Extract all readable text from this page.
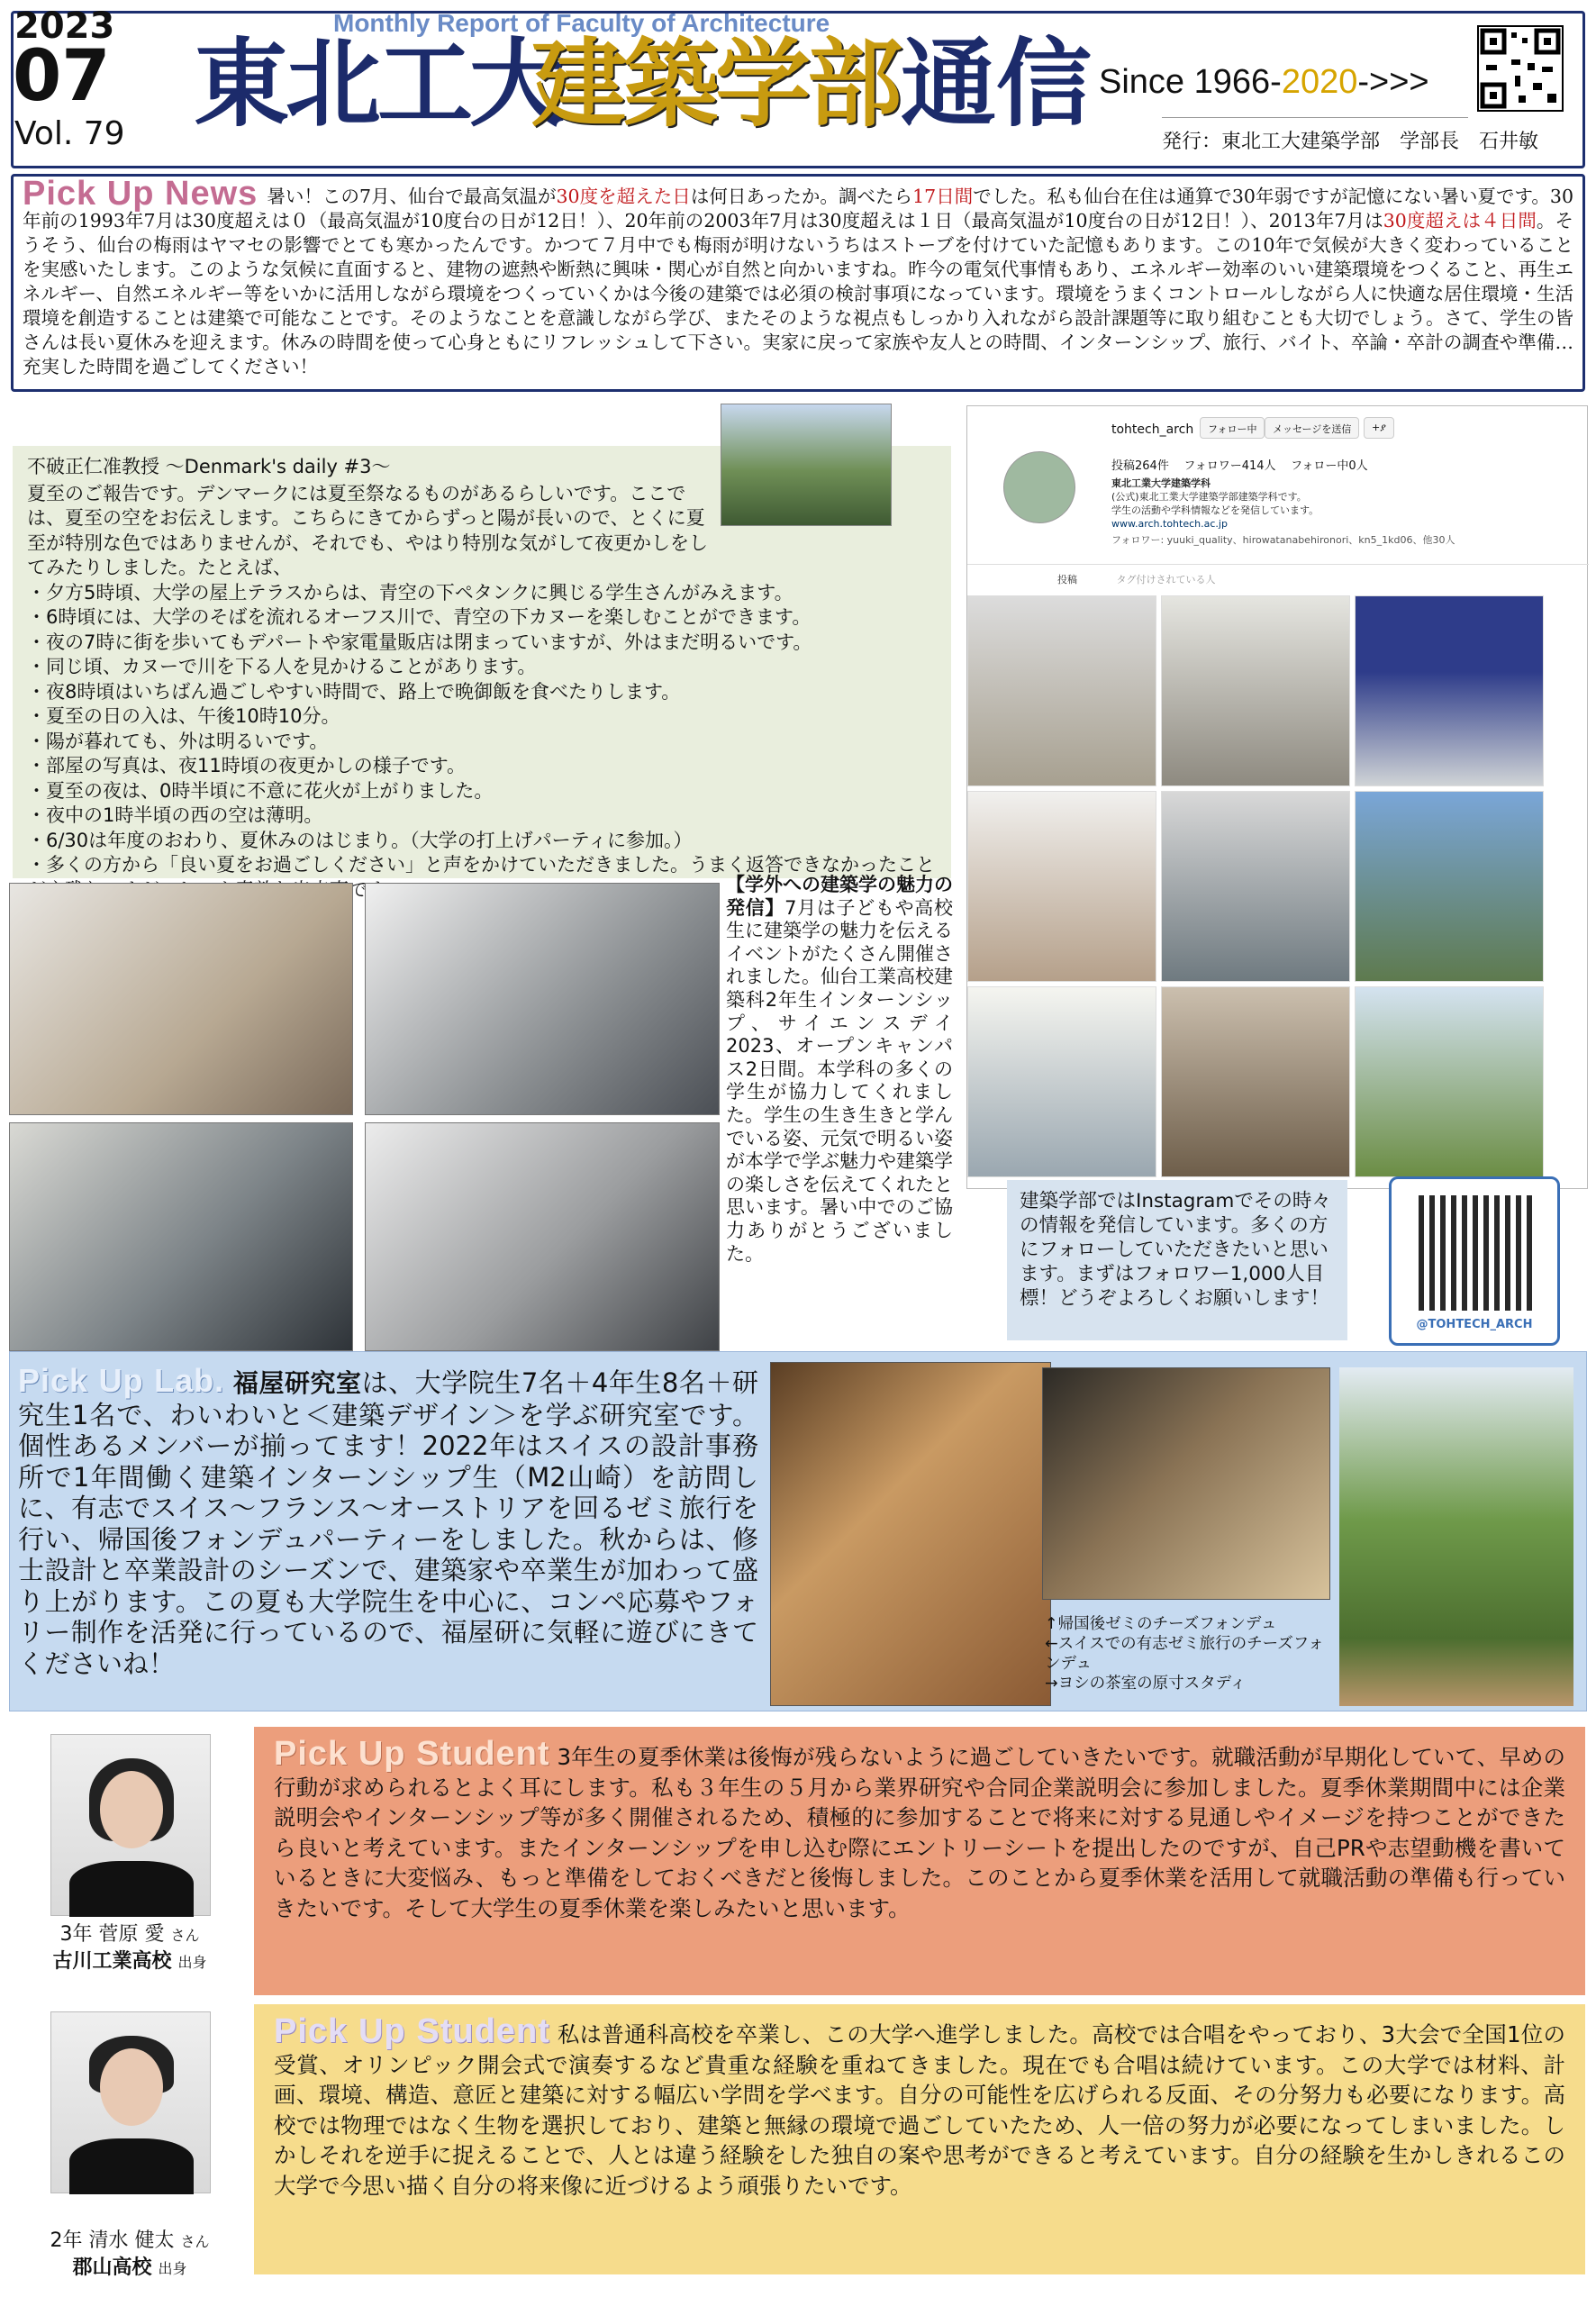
2023
07
Vol. 79
Monthly Report of Faculty of Architecture
東北工大
建築学部 通信 Since 1966-2020->>>
発行：東北工大建築学部　学部長　石井敏
Pick Up News 暑い！この7月、仙台で最高気温が30度を超えた日は何日あったか。調べたら17日間でした。私も仙台在住は通算で30年弱ですが記憶にない暑い夏です。30年前の1993年7月は30度超えは０（最高気温が10度台の日が12日！）、20年前の2003年7月は30度超えは１日（最高気温が10度台の日が12日！）、2013年7月は30度超えは４日間。そうそう、仙台の梅雨はヤマセの影響でとても寒かったんです。かつて７月中でも梅雨が明けないうちはストーブを付けていた記憶もあります。この10年で気候が大きく変わっていることを実感いたします。このような気候に直面すると、建物の遮熱や断熱に興味・関心が自然と向かいますね。昨今の電気代事情もあり、エネルギー効率のいい建築環境をつくること、再生エネルギー、自然エネルギー等をいかに活用しながら環境をつくっていくかは今後の建築では必須の検討事項になっています。環境をうまくコントロールしながら人に快適な居住環境・生活環境を創造することは建築で可能なことです。そのようなことを意識しながら学び、またそのような視点もしっかり入れながら設計課題等に取り組むことも大切でしょう。さて、学生の皆さんは長い夏休みを迎えます。休みの時間を使って心身ともにリフレッシュして下さい。実家に戻って家族や友人との時間、インターンシップ、旅行、バイト、卒論・卒計の調査や準備…充実した時間を過ごしてください！

不破正仁准教授 〜Denmark's daily #3〜

夏至のご報告です。デンマークには夏至祭なるものがあるらしいです。ここでは、夏至の空をお伝えします。こちらにきてからずっと陽が長いので、とくに夏至が特別な色ではありませんが、それでも、やはり特別な気がして夜更かしをしてみたりしました。たとえば、

・夕方5時頃、大学の屋上テラスからは、青空の下ペタンクに興じる学生さんがみえます。

・6時頃には、大学のそばを流れるオーフス川で、青空の下カヌーを楽しむことができます。

・夜の7時に街を歩いてもデパートや家電量販店は閉まっていますが、外はまだ明るいです。

・同じ頃、カヌーで川を下る人を見かけることがあります。

・夜8時頃はいちばん過ごしやすい時間で、路上で晩御飯を食べたりします。

・夏至の日の入は、午後10時10分。

・陽が暮れても、外は明るいです。

・部屋の写真は、夜11時頃の夜更かしの様子です。

・夏至の夜は、0時半頃に不意に花火が上がりました。

・夜中の1時半頃の西の空は薄明。

・6/30は年度のおわり、夏休みのはじまり。（大学の打上げパーティに参加。）

・多くの方から「良い夏をお過ごしください」と声をかけていただきました。うまく返答できなかったこと 来事です。

tohtech_arch	フォロー中	メッセージを送信	+ያ
投稿264件 フォロワー414人 フォロー中0人
東北工業大学建築学科
(公式)東北工業大学建築学部建築学科です。
学生の活動や学科情報などを発信しています。
www.arch.tohtech.ac.jp
フォロワー: yuuki_quality、hirowatanabehironori、kn5_1kd06、他30人
投稿	タグ付けされている人
建築学部ではInstagramでその時々の情報を発信しています。多くの方にフォローしていただきたいと思います。まずはフォロワー1,000人目標！どうぞよろしくお願いします！
@TOHTECH_ARCH
【学外への建築学の魅力の発信】7月は子どもや高校生に建築学の魅力を伝えるイベントがたくさん開催されました。仙台工業高校建築科2年生インターンシップ、サイエンスデイ2023、オープンキャンパス2日間。本学科の多くの学生が協力してくれました。学生の生き生きと学んでいる姿、元気で明るい姿が本学で学ぶ魅力や建築学の楽しさを伝えてくれたと思います。暑い中でのご協力ありがとうございました。
Pick Up Lab. 福屋研究室は、大学院生7名＋4年生8名＋研究生1名で、わいわいと＜建築デザイン＞を学ぶ研究室です。個性あるメンバーが揃ってます！2022年はスイスの設計事務所で1年間働く建築インターンシップ生（M2山崎）を訪問しに、有志でスイス〜フランス〜オーストリアを回るゼミ旅行を行い、帰国後フォンデュパーティーをしました。秋からは、修士設計と卒業設計のシーズンで、建築家や卒業生が加わって盛り上がります。この夏も大学院生を中心に、コンペ応募やフォリー制作を活発に行っているので、福屋研に気軽に遊びにきてくださいね！
↑帰国後ゼミのチーズフォンデュ
←スイスでの有志ゼミ旅行のチーズフォンデュ
→ヨシの茶室の原寸スタディ
3年 菅原 愛 さん
古川工業高校 出身
Pick Up Student 3年生の夏季休業は後悔が残らないように過ごしていきたいです。就職活動が早期化していて、早めの行動が求められるとよく耳にします。私も３年生の５月から業界研究や合同企業説明会に参加しました。夏季休業期間中には企業説明会やインターンシップ等が多く開催されるため、積極的に参加することで将来に対する見通しやイメージを持つことができたら良いと考えています。またインターンシップを申し込む際にエントリーシートを提出したのですが、自己PRや志望動機を書いているときに大変悩み、もっと準備をしておくべきだと後悔しました。このことから夏季休業を活用して就職活動の準備も行っていきたいです。そして大学生の夏季休業を楽しみたいと思います。
2年 清水 健太 さん
郡山高校 出身
Pick Up Student 私は普通科高校を卒業し、この大学へ進学しました。高校では合唱をやっており、3大会で全国1位の受賞、オリンピック開会式で演奏するなど貴重な経験を重ねてきました。現在でも合唱は続けています。この大学では材料、計画、環境、構造、意匠と建築に対する幅広い学問を学べます。自分の可能性を広げられる反面、その分努力も必要になります。高校では物理ではなく生物を選択しており、建築と無縁の環境で過ごしていたため、人一倍の努力が必要になってしまいました。しかしそれを逆手に捉えることで、人とは違う経験をした独自の案や思考ができると考えています。自分の経験を生かしきれるこの大学で今思い描く自分の将来像に近づけるよう頑張りたいです。
